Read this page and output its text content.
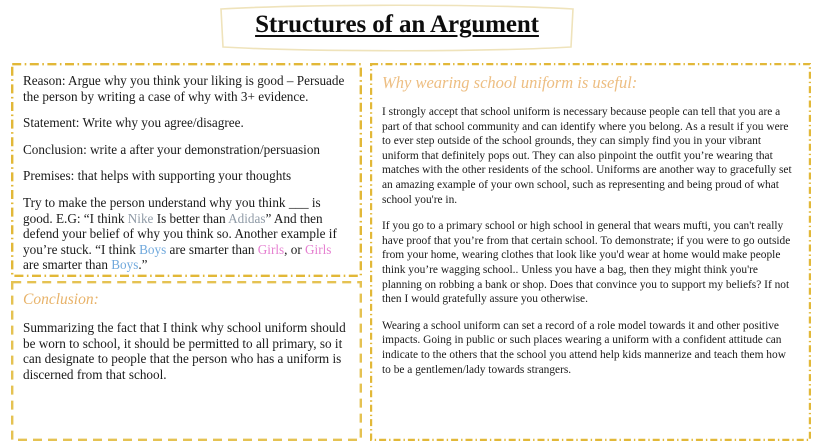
Structures of an Argument
Reason: Argue why you think your liking is good – Persuade the person by writing a case of why with 3+ evidence.
Statement: Write why you agree/disagree.
Conclusion: write a after your demonstration/persuasion
Premises: that helps with supporting your thoughts
Try to make the person understand why you think ___ is good. E.G: “I think Nike Is better than Adidas” And then defend your belief of why you think so. Another example if you’re stuck. “I think Boys are smarter than Girls, or Girls are smarter than Boys.”
Conclusion:
Summarizing the fact that I think why school uniform should be worn to school, it should be permitted to all primary, so it can designate to people that the person who has a uniform is discerned from that school.
Why wearing school uniform is useful:
I strongly accept that school uniform is necessary because people can tell that you are a part of that school community and can identify where you belong. As a result if you were to ever step outside of the school grounds, they can simply find you in your vibrant uniform that definitely pops out. They can also pinpoint the outfit you’re wearing that matches with the other residents of the school. Uniforms are another way to gracefully set an amazing example of your own school, such as representing and being proud of what school you're in.
If you go to a primary school or high school in general that wears mufti, you can't really have proof that you’re from that certain school. To demonstrate; if you were to go outside from your home, wearing clothes that look like you'd wear at home would make people think you’re wagging school.. Unless you have a bag, then they might think you're planning on robbing a bank or shop. Does that convince you to support my beliefs? If not then I would gratefully assure you otherwise.
Wearing a school uniform can set a record of a role model towards it and other positive impacts. Going in public or such places wearing a uniform with a confident attitude can indicate to the others that the school you attend help kids mannerize and teach them how to be a gentlemen/lady towards strangers.
